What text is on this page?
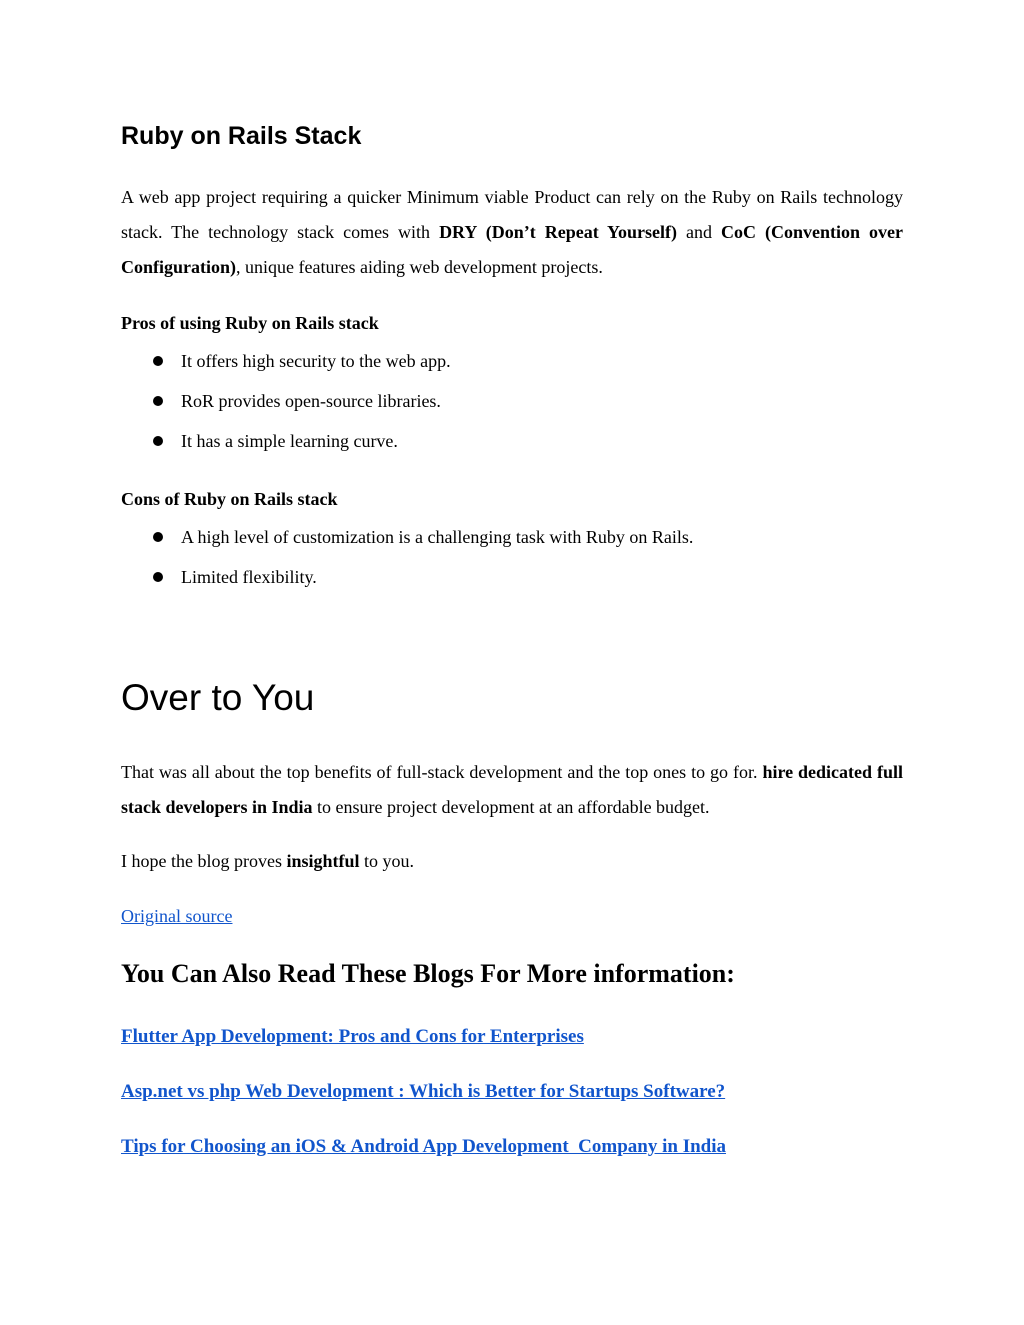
Ruby on Rails Stack

A web app project requiring a quicker Minimum viable Product can rely on the Ruby on Rails technology stack. The technology stack comes with DRY (Don’t Repeat Yourself) and CoC (Convention over Configuration), unique features aiding web development projects.

Pros of using Ruby on Rails stack

It offers high security to the web app.
RoR provides open-source libraries.
It has a simple learning curve.

Cons of Ruby on Rails stack

A high level of customization is a challenging task with Ruby on Rails.
Limited flexibility.
Over to You

That was all about the top benefits of full-stack development and the top ones to go for. hire dedicated full stack developers in India to ensure project development at an affordable budget.

I hope the blog proves insightful to you.

Original source

You Can Also Read These Blogs For More information:

Flutter App Development: Pros and Cons for Enterprises

Asp.net vs php Web Development : Which is Better for Startups Software?

Tips for Choosing an iOS & Android App Development  Company in India
